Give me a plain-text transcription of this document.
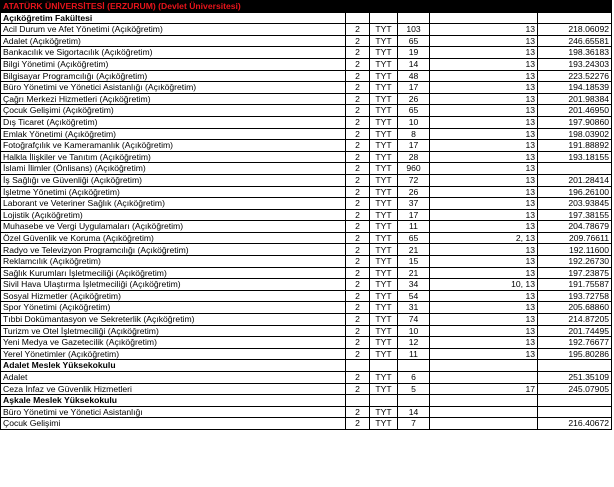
ATATÜRK ÜNİVERSİTESİ (ERZURUM) (Devlet Üniversitesi)					
Açıköğretim Fakültesi					
Acil Durum ve Afet Yönetimi (Açıköğretim)	2	TYT	103	13	218.06092
Adalet (Açıköğretim)	2	TYT	65	13	246.65581
Bankacılık ve Sigortacılık (Açıköğretim)	2	TYT	19	13	198.36183
Bilgi Yönetimi (Açıköğretim)	2	TYT	14	13	193.24303
Bilgisayar Programcılığı (Açıköğretim)	2	TYT	48	13	223.52276
Büro Yönetimi ve Yönetici Asistanlığı (Açıköğretim)	2	TYT	17	13	194.18539
Çağrı Merkezi Hizmetleri (Açıköğretim)	2	TYT	26	13	201.98384
Çocuk Gelişimi (Açıköğretim)	2	TYT	65	13	201.46950
Dış Ticaret (Açıköğretim)	2	TYT	10	13	197.90860
Emlak Yönetimi (Açıköğretim)	2	TYT	8	13	198.03902
Fotoğrafçılık ve Kameramanlık (Açıköğretim)	2	TYT	17	13	191.88892
Halkla İlişkiler ve Tanıtım (Açıköğretim)	2	TYT	28	13	193.18155
İslami İlimler (Önlisans) (Açıköğretim)	2	TYT	960	13	
İş Sağlığı ve Güvenliği (Açıköğretim)	2	TYT	72	13	201.28414
İşletme Yönetimi (Açıköğretim)	2	TYT	26	13	196.26100
Laborant ve Veteriner Sağlık (Açıköğretim)	2	TYT	37	13	203.93845
Lojistik (Açıköğretim)	2	TYT	17	13	197.38155
Muhasebe ve Vergi Uygulamaları (Açıköğretim)	2	TYT	11	13	204.78679
Özel Güvenlik ve Koruma (Açıköğretim)	2	TYT	65	2, 13	209.76611
Radyo ve Televizyon Programcılığı (Açıköğretim)	2	TYT	21	13	192.11600
Reklamcılık (Açıköğretim)	2	TYT	15	13	192.26730
Sağlık Kurumları İşletmeciliği (Açıköğretim)	2	TYT	21	13	197.23875
Sivil Hava Ulaştırma İşletmeciliği (Açıköğretim)	2	TYT	34	10, 13	191.75587
Sosyal Hizmetler (Açıköğretim)	2	TYT	54	13	193.72758
Spor Yönetimi (Açıköğretim)	2	TYT	31	13	205.68860
Tıbbi Dokümantasyon ve Sekreterlik (Açıköğretim)	2	TYT	74	13	214.87205
Turizm ve Otel İşletmeciliği (Açıköğretim)	2	TYT	10	13	201.74495
Yeni Medya ve Gazetecilik (Açıköğretim)	2	TYT	12	13	192.76677
Yerel Yönetimler (Açıköğretim)	2	TYT	11	13	195.80286
Adalet Meslek Yüksekokulu					
Adalet	2	TYT	6		251.35109
Ceza İnfaz ve Güvenlik Hizmetleri	2	TYT	5	17	245.07905
Aşkale Meslek Yüksekokulu					
Büro Yönetimi ve Yönetici Asistanlığı	2	TYT	14		
Çocuk Gelişimi	2	TYT	7		216.40672
